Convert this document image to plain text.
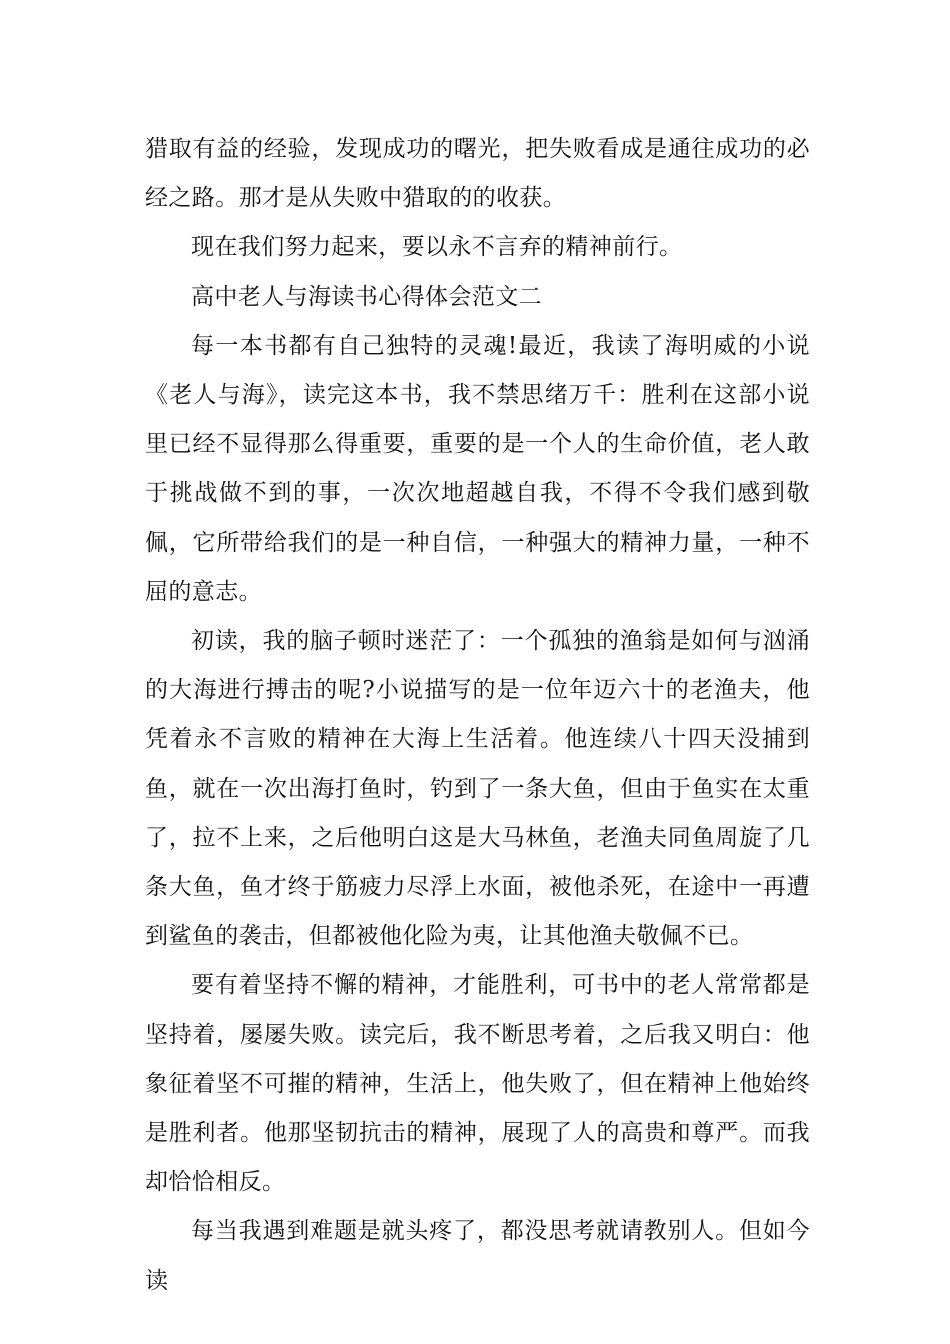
猎取有益的经验，发现成功的曙光，把失败看成是通往成功的必经之路。那才是从失败中猎取的的收获。

现在我们努力起来，要以永不言弃的精神前行。

高中老人与海读书心得体会范文二

每一本书都有自己独特的灵魂!最近，我读了海明威的小说《老人与海》，读完这本书，我不禁思绪万千：胜利在这部小说里已经不显得那么得重要，重要的是一个人的生命价值，老人敢于挑战做不到的事，一次次地超越自我，不得不令我们感到敬佩，它所带给我们的是一种自信，一种强大的精神力量，一种不屈的意志。

初读，我的脑子顿时迷茫了：一个孤独的渔翁是如何与汹涌的大海进行搏击的呢?小说描写的是一位年迈六十的老渔夫，他凭着永不言败的精神在大海上生活着。他连续八十四天没捕到鱼，就在一次出海打鱼时，钓到了一条大鱼，但由于鱼实在太重了，拉不上来，之后他明白这是大马林鱼，老渔夫同鱼周旋了几条大鱼，鱼才终于筋疲力尽浮上水面，被他杀死，在途中一再遭到鲨鱼的袭击，但都被他化险为夷，让其他渔夫敬佩不已。

要有着坚持不懈的精神，才能胜利，可书中的老人常常都是坚持着，屡屡失败。读完后，我不断思考着，之后我又明白：他象征着坚不可摧的精神，生活上，他失败了，但在精神上他始终是胜利者。他那坚韧抗击的精神，展现了人的高贵和尊严。而我却恰恰相反。

每当我遇到难题是就头疼了，都没思考就请教别人。但如今读
